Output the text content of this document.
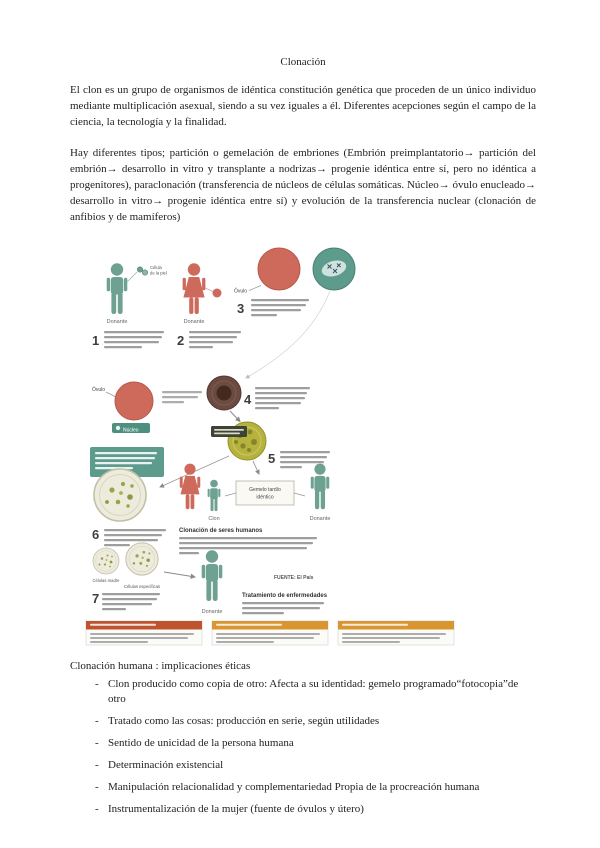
Clonación

El clon es un grupo de organismos de idéntica constitución genética que proceden de un único individuo mediante multiplicación asexual, siendo a su vez iguales a él. Diferentes acepciones según el campo de la ciencia, la tecnología y la finalidad.

Hay diferentes tipos; partición o gemelación de embriones (Embrión preimplantatorio→ partición del embrión→ desarrollo in vitro y transplante a nodrizas→ progenie idéntica entre sí, pero no idéntica a progenitores), paraclonación (transferencia de núcleos de células somáticas. Núcleo→ óvulo enucleado→ desarrollo in vitro→ progenie idéntica entre sí) y evolución de la transferencia nuclear (clonación de anfibios y de mamíferos)

Donante
Célula
de la piel
Donante
Óvulo
3
1	2
Óvulo
Núcleo
4
5
Clon
Gemelo tardío
idéntico
Donante
Clonación de seres humanos
6
Células madre
Células específicas
7
Donante
FUENTE: El País
Tratamiento de enfermedades

Clonación humana : implicaciones éticas

- Clon producido como copia de otro: Afecta a su identidad: gemelo programado“fotocopia”de otro
- Tratado como las cosas: producción en serie, según utilidades
- Sentido de unicidad de la persona humana
- Determinación existencial
- Manipulación relacionalidad y complementariedad Propia de la procreación humana
- Instrumentalización de la mujer (fuente de óvulos y útero)
